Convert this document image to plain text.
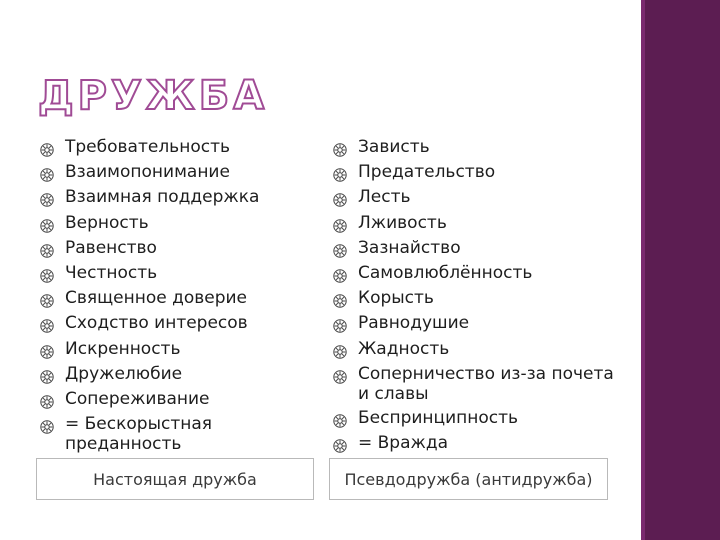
ДРУЖБА
Требовательность
Взаимопонимание
Взаимная поддержка
Верность
Равенство
Честность
Священное доверие
Сходство интересов
Искренность
Дружелюбие
Сопереживание
= Бескорыстная преданность
Зависть
Предательство
Лесть
Лживость
Зазнайство
Самовлюблённость
Корысть
Равнодушие
Жадность
Соперничество из-за почета и славы
Беспринципность
= Вражда
Настоящая дружба	Псевдодружба (антидружба)
